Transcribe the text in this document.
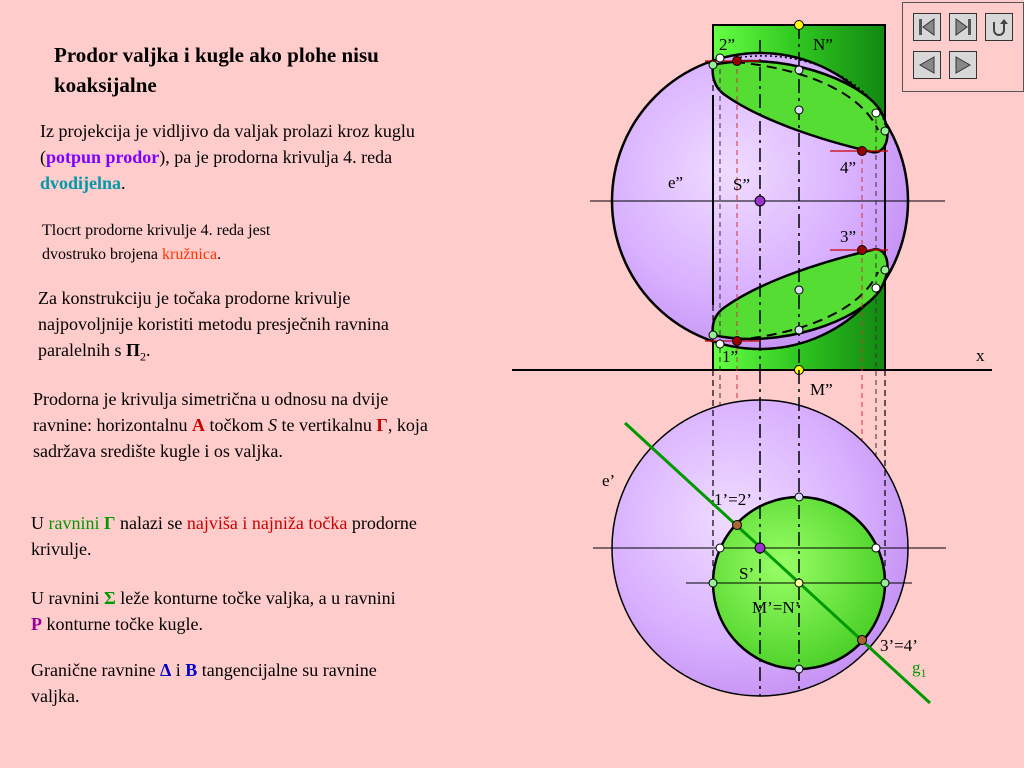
Prodor valjka i kugle ako plohe nisu koaksijalne

Iz projekcija je vidljivo da valjak prolazi kroz kuglu (potpun prodor), pa je prodorna krivulja 4. reda dvodijelna.

Tlocrt prodorne krivulje 4. reda jest dvostruko brojena kružnica.

Za konstrukciju je točaka prodorne krivulje najpovoljnije koristiti metodu presječnih ravnina paralelnih s $\Pi_2$.

Prodorna je krivulja simetrična u odnosu na dvije ravnine: horizontalnu A točkom S te vertikalnu Γ, koja sadržava središte kugle i os valjka.

U ravnini Γ nalazi se najviša i najniža točka prodorne krivulje.

U ravnini Σ leže konturne točke valjka, a u ravnini P konturne točke kugle.

Granične ravnine Δ i B tangencijalne su ravnine valjka.

2”	N”
e”	S”
4”
3”
1”	x
M”
e’
1’=2’
S’
M’=N’
3’=4’
$g_1$
